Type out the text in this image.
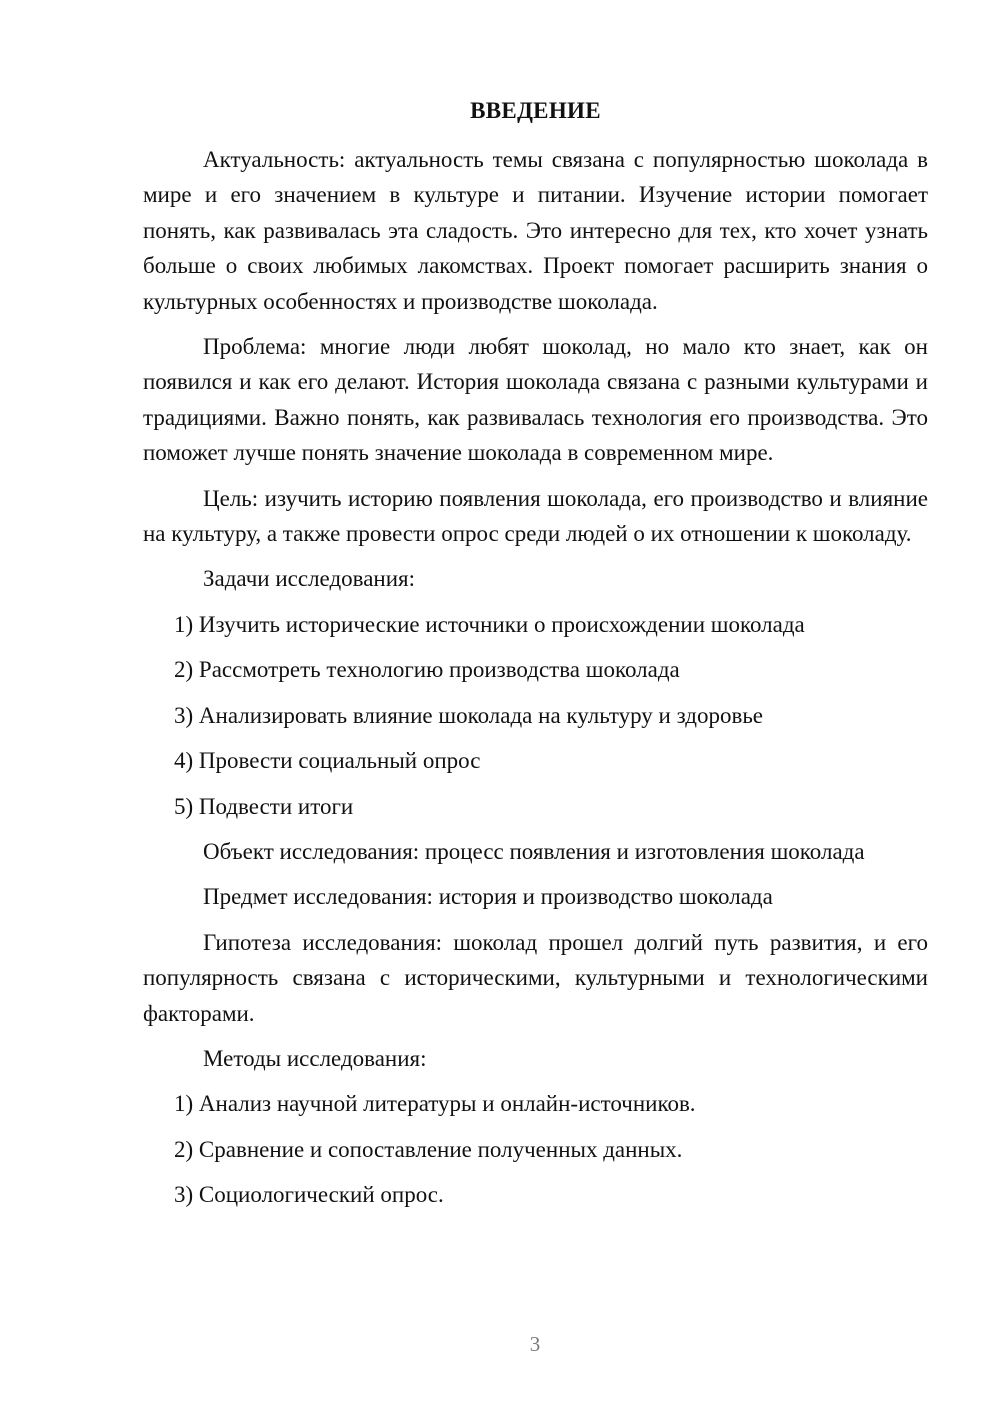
ВВЕДЕНИЕ

Актуальность: актуальность темы связана с популярностью шоколада в мире и его значением в культуре и питании. Изучение истории помогает понять, как развивалась эта сладость. Это интересно для тех, кто хочет узнать больше о своих любимых лакомствах. Проект помогает расширить знания о культурных особенностях и производстве шоколада.

Проблема: многие люди любят шоколад, но мало кто знает, как он появился и как его делают. История шоколада связана с разными культурами и традициями. Важно понять, как развивалась технология его производства. Это поможет лучше понять значение шоколада в современном мире.

Цель: изучить историю появления шоколада, его производство и влияние на культуру, а также провести опрос среди людей о их отношении к шоколаду.

Задачи исследования:
1) Изучить исторические источники о происхождении шоколада
2) Рассмотреть технологию производства шоколада
3) Анализировать влияние шоколада на культуру и здоровье
4) Провести социальный опрос
5) Подвести итоги
Объект исследования: процесс появления и изготовления шоколада
Предмет исследования: история и производство шоколада

Гипотеза исследования: шоколад прошел долгий путь развития, и его популярность связана с историческими, культурными и технологическими факторами.

Методы исследования:
1) Анализ научной литературы и онлайн-источников.
2) Сравнение и сопоставление полученных данных.
3) Социологический опрос.
3
